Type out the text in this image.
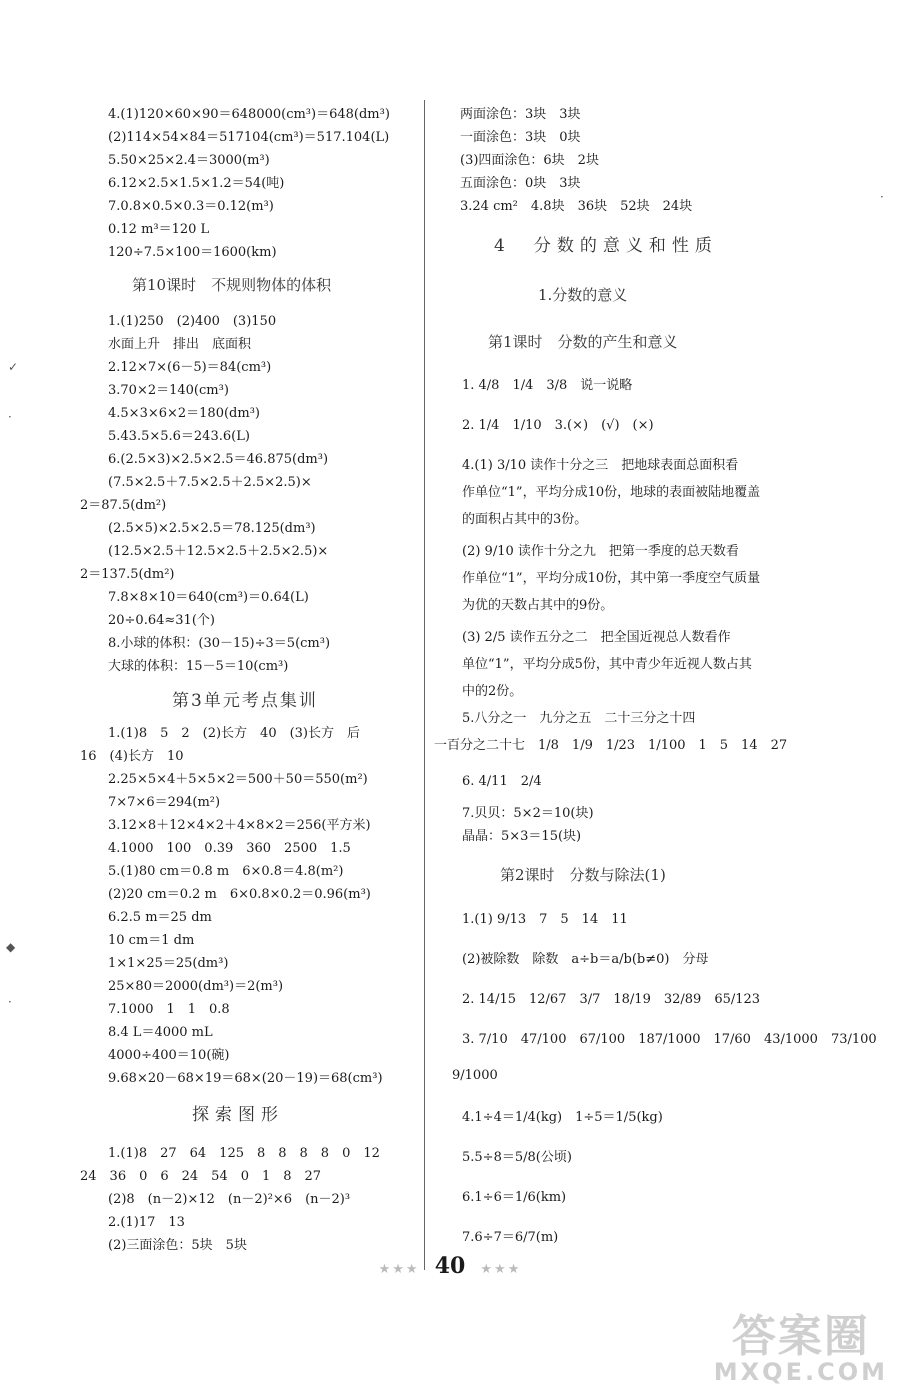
4.(1)120×60×90＝648000(cm³)＝648(dm³)
(2)114×54×84＝517104(cm³)＝517.104(L)
5.50×25×2.4＝3000(m³)
6.12×2.5×1.5×1.2＝54(吨)
7.0.8×0.5×0.3＝0.12(m³)
0.12 m³＝120 L
120÷7.5×100＝1600(km)
第10课时　不规则物体的体积
1.(1)250　(2)400　(3)150
水面上升　排出　底面积
2.12×7×(6－5)＝84(cm³)
3.70×2＝140(cm³)
4.5×3×6×2＝180(dm³)
5.43.5×5.6＝243.6(L)
6.(2.5×3)×2.5×2.5＝46.875(dm³)
(7.5×2.5＋7.5×2.5＋2.5×2.5)×
2＝87.5(dm²)
(2.5×5)×2.5×2.5＝78.125(dm³)
(12.5×2.5＋12.5×2.5＋2.5×2.5)×
2＝137.5(dm²)
7.8×8×10＝640(cm³)＝0.64(L)
20÷0.64≈31(个)
8.小球的体积：(30－15)÷3＝5(cm³)
大球的体积：15－5＝10(cm³)
第3单元考点集训
1.(1)8　5　2　(2)长方　40　(3)长方　后
16　(4)长方　10
2.25×5×4＋5×5×2＝500＋50＝550(m²)
7×7×6＝294(m²)
3.12×8＋12×4×2＋4×8×2＝256(平方米)
4.1000　100　0.39　360　2500　1.5
5.(1)80 cm＝0.8 m　6×0.8＝4.8(m²)
(2)20 cm＝0.2 m　6×0.8×0.2＝0.96(m³)
6.2.5 m＝25 dm
10 cm＝1 dm
1×1×25＝25(dm³)
25×80＝2000(dm³)＝2(m³)
7.1000　1　1　0.8
8.4 L＝4000 mL
4000÷400＝10(碗)
9.68×20－68×19＝68×(20－19)＝68(cm³)
探索图形
1.(1)8　27　64　125　8　8　8　8　0　12
24　36　0　6　24　54　0　1　8　27
(2)8　(n－2)×12　(n－2)²×6　(n－2)³
2.(1)17　13
(2)三面涂色：5块　5块
两面涂色：3块　3块
一面涂色：3块　0块
(3)四面涂色：6块　2块
五面涂色：0块　3块
3.24 cm²　4.8块　36块　52块　24块
4　分数的意义和性质
1.分数的意义
第1课时　分数的产生和意义
1. 4/8　1/4　3/8　说一说略
2. 1/4　1/10　3.(×)　(√)　(×)
4.(1) 3/10 读作十分之三　把地球表面总面积看
作单位“1”，平均分成10份，地球的表面被陆地覆盖
的面积占其中的3份。
(2) 9/10 读作十分之九　把第一季度的总天数看
作单位“1”，平均分成10份，其中第一季度空气质量
为优的天数占其中的9份。
(3) 2/5 读作五分之二　把全国近视总人数看作
单位“1”，平均分成5份，其中青少年近视人数占其
中的2份。
5.八分之一　九分之五　二十三分之十四
一百分之二十七　1/8　1/9　1/23　1/100　1　5　14　27
6. 4/11　2/4
7.贝贝：5×2＝10(块)
晶晶：5×3＝15(块)
第2课时　分数与除法(1)
1.(1) 9/13　7　5　14　11
(2)被除数　除数　a÷b＝a/b(b≠0)　分母
2. 14/15　12/67　3/7　18/19　32/89　65/123
3. 7/10　47/100　67/100　187/1000　17/60　43/1000　73/100
9/1000
4.1÷4＝1/4(kg)　1÷5＝1/5(kg)
5.5÷8＝5/8(公顷)
6.1÷6＝1/6(km)
7.6÷7＝6/7(m)
✓
·
◆
·
·
★★★ 40 ★★★
答案圈
MXQE.COM
